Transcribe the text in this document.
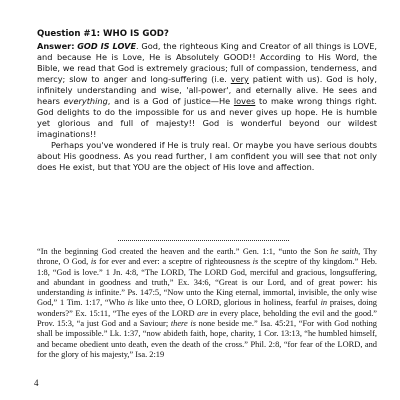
Question #1: WHO IS GOD?

Answer: GOD IS LOVE. God, the righteous King and Creator of all things is LOVE, and because He is Love, He is Absolutely GOOD!! According to His Word, the Bible, we read that God is extremely gracious; full of compassion, tenderness, and mercy; slow to anger and long-suffering (i.e. very patient with us). God is holy, infinitely understanding and wise, 'all-power', and eternally alive. He sees and hears everything, and is a God of justice—He loves to make wrong things right. God delights to do the impossible for us and never gives up hope. He is humble yet glorious and full of majesty!! God is wonderful beyond our wildest imaginations!!

Perhaps you've wondered if He is truly real. Or maybe you have serious doubts about His goodness. As you read further, I am confident you will see that not only does He exist, but that YOU are the object of His love and affection.

“In the beginning God created the heaven and the earth.” Gen. 1:1, “unto the Son he saith, Thy throne, O God, is for ever and ever: a sceptre of righteousness is the sceptre of thy kingdom.” Heb. 1:8, “God is love.” 1 Jn. 4:8, “The LORD, The LORD God, merciful and gracious, longsuffering, and abundant in goodness and truth,” Ex. 34:6, “Great is our Lord, and of great power: his understanding is infinite.” Ps. 147:5, “Now unto the King eternal, immortal, invisible, the only wise God,” 1 Tim. 1:17, “Who is like unto thee, O LORD, glorious in holiness, fearful in praises, doing wonders?” Ex. 15:11, “The eyes of the LORD are in every place, beholding the evil and the good.” Prov. 15:3, “a just God and a Saviour; there is none beside me.” Isa. 45:21, “For with God nothing shall be impossible.” Lk. 1:37, “now abideth faith, hope, charity, 1 Cor. 13:13, “he humbled himself, and became obedient unto death, even the death of the cross.” Phil. 2:8, “for fear of the LORD, and for the glory of his majesty,” Isa. 2:19

4
